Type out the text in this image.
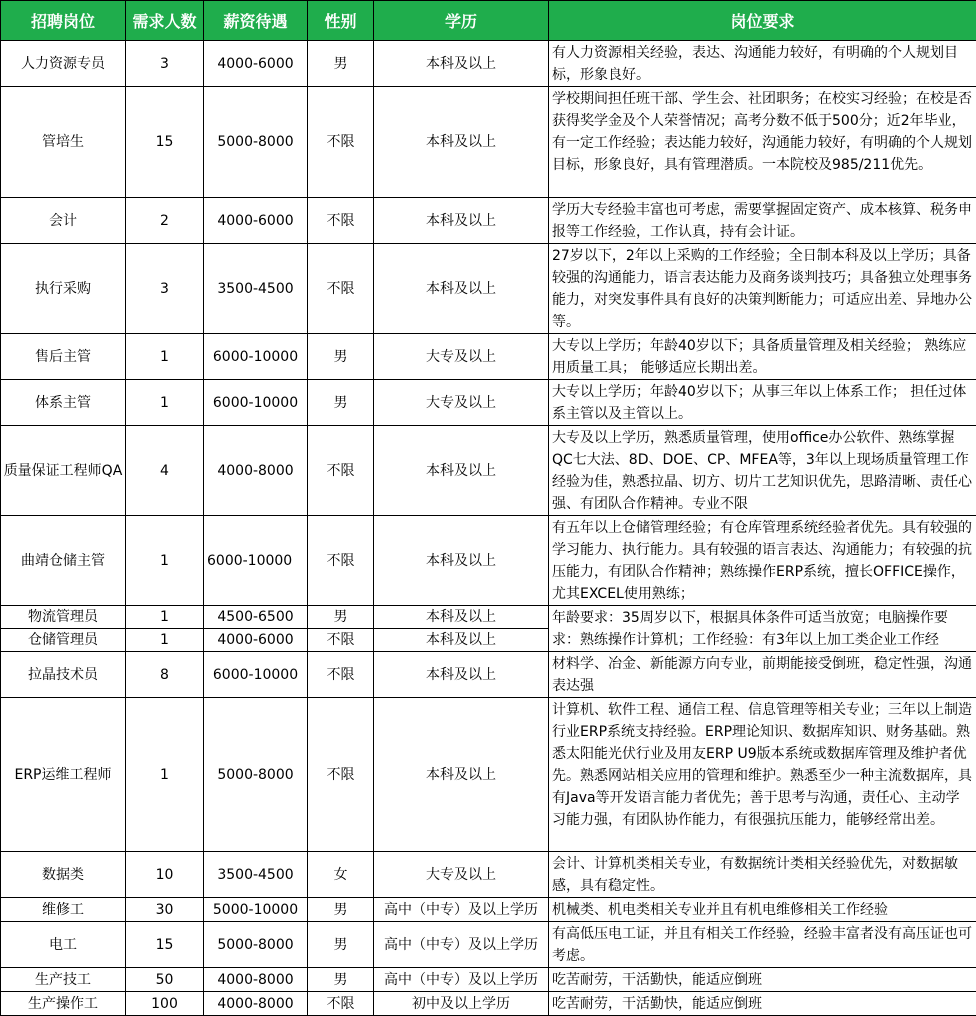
招聘岗位	需求人数	薪资待遇	性别	学历	岗位要求
人力资源专员	3	4000-6000	男	本科及以上	有人力资源相关经验，表达、沟通能力较好，有明确的个人规划目标，形象良好。
管培生	15	5000-8000	不限	本科及以上	学校期间担任班干部、学生会、社团职务；在校实习经验；在校是否获得奖学金及个人荣誉情况；高考分数不低于500分；近2年毕业，有一定工作经验；表达能力较好，沟通能力较好，有明确的个人规划目标，形象良好，具有管理潜质。一本院校及985/211优先。
会计	2	4000-6000	不限	本科及以上	学历大专经验丰富也可考虑，需要掌握固定资产、成本核算、税务申报等工作经验，工作认真，持有会计证。
执行采购	3	3500-4500	不限	本科及以上	27岁以下，2年以上采购的工作经验；全日制本科及以上学历；具备较强的沟通能力，语言表达能力及商务谈判技巧；具备独立处理事务能力，对突发事件具有良好的决策判断能力；可适应出差、异地办公等。
售后主管	1	6000-10000	男	大专及以上	大专以上学历；年龄40岁以下；具备质量管理及相关经验； 熟练应用质量工具； 能够适应长期出差。
体系主管	1	6000-10000	男	大专及以上	大专以上学历；年龄40岁以下；从事三年以上体系工作； 担任过体系主管以及主管以上。
质量保证工程师QA	4	4000-8000	不限	本科及以上	大专及以上学历，熟悉质量管理，使用office办公软件、熟练掌握QC七大法、8D、DOE、CP、MFEA等，3年以上现场质量管理工作经验为佳，熟悉拉晶、切方、切片工艺知识优先，思路清晰、责任心强、有团队合作精神。专业不限
曲靖仓储主管	1	6000-10000	不限	本科及以上	有五年以上仓储管理经验；有仓库管理系统经验者优先。具有较强的学习能力、执行能力。具有较强的语言表达、沟通能力；有较强的抗压能力，有团队合作精神；熟练操作ERP系统，擅长OFFICE操作，尤其EXCEL使用熟练；
物流管理员	1	4500-6500	男	本科及以上	年龄要求：35周岁以下，根据具体条件可适当放宽；电脑操作要求：熟练操作计算机；工作经验：有3年以上加工类企业工作经
仓储管理员	1	4000-6000	不限	本科及以上	
拉晶技术员	8	6000-10000	不限	本科及以上	材料学、冶金、新能源方向专业，前期能接受倒班，稳定性强，沟通表达强
ERP运维工程师	1	5000-8000	不限	本科及以上	计算机、软件工程、通信工程、信息管理等相关专业；三年以上制造行业ERP系统支持经验。ERP理论知识、数据库知识、财务基础。熟悉太阳能光伏行业及用友ERP U9版本系统或数据库管理及维护者优先。熟悉网站相关应用的管理和维护。熟悉至少一种主流数据库，具有Java等开发语言能力者优先；善于思考与沟通，责任心、主动学习能力强，有团队协作能力，有很强抗压能力，能够经常出差。
数据类	10	3500-4500	女	大专及以上	会计、计算机类相关专业，有数据统计类相关经验优先，对数据敏感，具有稳定性。
维修工	30	5000-10000	男	高中（中专）及以上学历	机械类、机电类相关专业并且有机电维修相关工作经验
电工	15	5000-8000	男	高中（中专）及以上学历	有高低压电工证，并且有相关工作经验，经验丰富者没有高压证也可考虑。
生产技工	50	4000-8000	男	高中（中专）及以上学历	吃苦耐劳，干活勤快，能适应倒班
生产操作工	100	4000-8000	不限	初中及以上学历	吃苦耐劳，干活勤快，能适应倒班
